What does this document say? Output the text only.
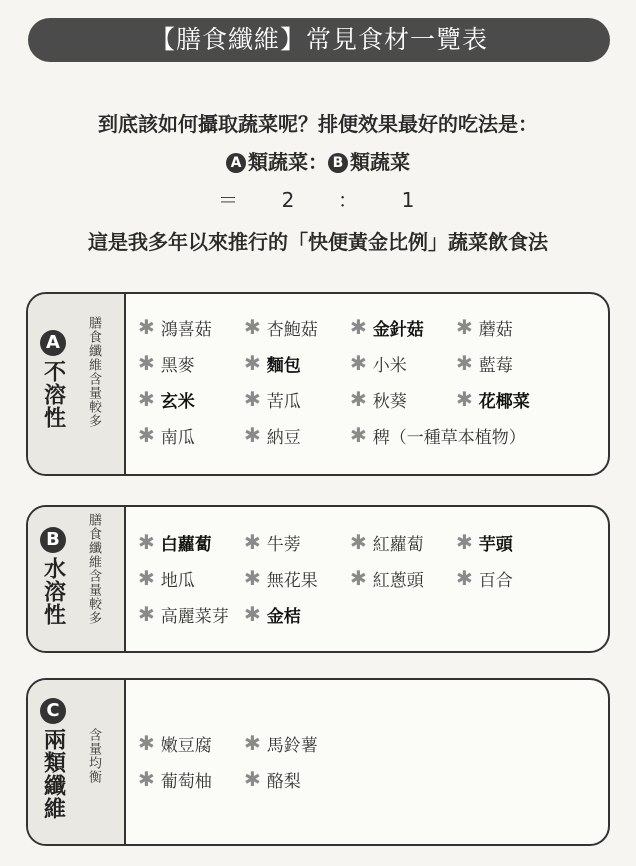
【膳食纖維】常見食材一覽表
到底該如何攝取蔬菜呢？排便效果最好的吃法是：
A 類蔬菜： B 類蔬菜
＝ 2 ： 1
這是我多年以來推行的「快便黃金比例」蔬菜飲食法
A
不溶性 膳食纖維含量較多 ✱ 鴻喜菇 ✱ 杏鮑菇 ✱ 金針菇 ✱ 蘑菇
✱ 黑麥 ✱ 麵包 ✱ 小米 ✱ 藍莓
✱ 玄米 ✱ 苦瓜 ✱ 秋葵 ✱ 花椰菜
✱ 南瓜 ✱ 納豆 ✱ 稗（一種草本植物）
B
水溶性 膳食纖維含量較多 ✱ 白蘿蔔 ✱ 牛蒡 ✱ 紅蘿蔔 ✱ 芋頭
✱ 地瓜 ✱ 無花果 ✱ 紅蔥頭 ✱ 百合
✱ 高麗菜芽 ✱ 金桔
C
兩類纖維 含量均衡 ✱ 嫩豆腐 ✱ 馬鈴薯
✱ 葡萄柚 ✱ 酪梨
